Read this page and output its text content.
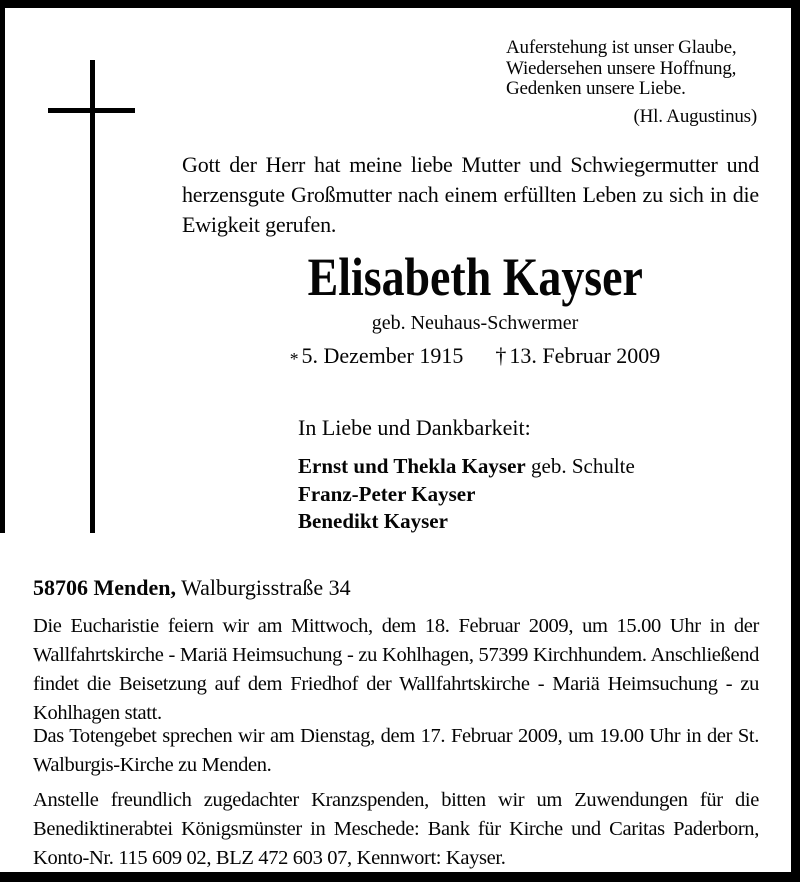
Auferstehung ist unser Glaube,
Wiedersehen unsere Hoffnung,
Gedenken unsere Liebe.
(Hl. Augustinus)
Gott der Herr hat meine liebe Mutter und Schwiegermutter und herzensgute Großmutter nach einem erfüllten Leben zu sich in die Ewigkeit gerufen.
Elisabeth Kayser
geb. Neuhaus-Schwermer
* 5. Dezember 1915 † 13. Februar 2009
In Liebe und Dankbarkeit:
Ernst und Thekla Kayser geb. Schulte
Franz-Peter Kayser
Benedikt Kayser
58706 Menden, Walburgisstraße 34
Die Eucharistie feiern wir am Mittwoch, dem 18. Februar 2009, um 15.00 Uhr in der Wallfahrtskirche - Mariä Heimsuchung - zu Kohlhagen, 57399 Kirchhundem. Anschließend findet die Beisetzung auf dem Friedhof der Wallfahrtskirche - Mariä Heimsuchung - zu Kohlhagen statt.
Das Totengebet sprechen wir am Dienstag, dem 17. Februar 2009, um 19.00 Uhr in der St. Walburgis-Kirche zu Menden.
Anstelle freundlich zugedachter Kranzspenden, bitten wir um Zuwendungen für die Benediktinerabtei Königsmünster in Meschede: Bank für Kirche und Caritas Paderborn, Konto-Nr. 115 609 02, BLZ 472 603 07, Kennwort: Kayser.
